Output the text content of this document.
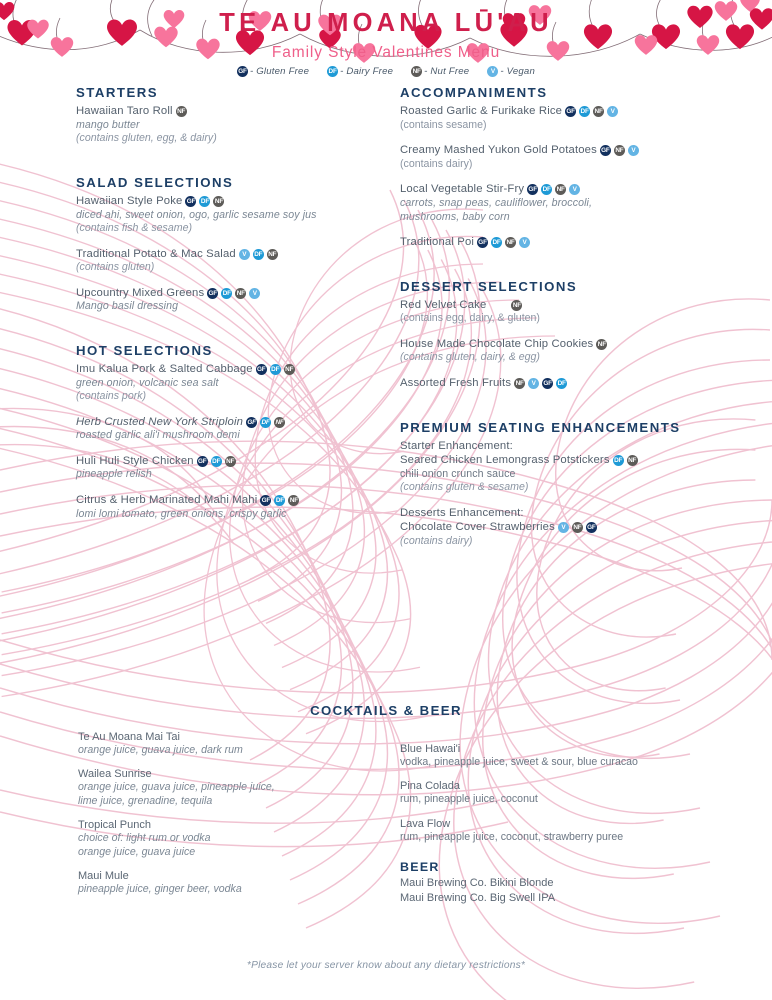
TE AU MOANA LŪ'AU
Family Style Valentines Menu
GF - Gluten Free	DF - Dairy Free	NF - Nut Free	V - Vegan
STARTERS

Hawaiian Taro Roll NF

mango butter

(contains gluten, egg, & dairy)

SALAD SELECTIONS

Hawaiian Style Poke GF DF NF

diced ahi, sweet onion, ogo, garlic sesame soy jus

(contains fish & sesame)

Traditional Potato & Mac Salad V DF NF

(contains gluten)

Upcountry Mixed Greens GF DF NF V

Mango basil dressing

HOT SELECTIONS

Imu Kalua Pork & Salted Cabbage GF DF NF

green onion, volcanic sea salt

(contains pork)

Herb Crusted New York Striploin GF DF NF

roasted garlic ali'i mushroom demi

Huli Huli Style Chicken GF DF NF

pineapple relish

Citrus & Herb Marinated Mahi Mahi GF DF NF

lomi lomi tomato, green onions, crispy garlic

ACCOMPANIMENTS

Roasted Garlic & Furikake Rice GF DF NF V

(contains sesame)

Creamy Mashed Yukon Gold Potatoes GF NF V

(contains dairy)

Local Vegetable Stir-Fry GF DF NF V

carrots, snap peas, cauliflower, broccoli,

mushrooms, baby corn

Traditional Poi GF DF NF V

DESSERT SELECTIONS

Red Velvet Cake	NF

(contains egg, dairy, & gluten)

House Made Chocolate Chip Cookies NF

(contains gluten, dairy, & egg)

Assorted Fresh Fruits NF V GF DF

PREMIUM SEATING ENHANCEMENTS

Starter Enhancement:

Seared Chicken Lemongrass Potstickers DF NF

chili onion crunch sauce

(contains gluten & sesame)

Desserts Enhancement:

Chocolate Cover Strawberries V NF GF

(contains dairy)

COCKTAILS & BEER

Te Au Moana Mai Tai

orange juice, guava juice, dark rum

Wailea Sunrise

orange juice, guava juice, pineapple juice,

lime juice, grenadine, tequila

Tropical Punch

choice of: light rum or vodka

orange juice, guava juice

Maui Mule

pineapple juice, ginger beer, vodka

Blue Hawai'i

vodka, pineapple juice, sweet & sour, blue curacao

Pina Colada

rum, pineapple juice, coconut

Lava Flow

rum, pineapple juice, coconut, strawberry puree

BEER

Maui Brewing Co. Bikini Blonde

Maui Brewing Co. Big Swell IPA

*Please let your server know about any dietary restrictions*
